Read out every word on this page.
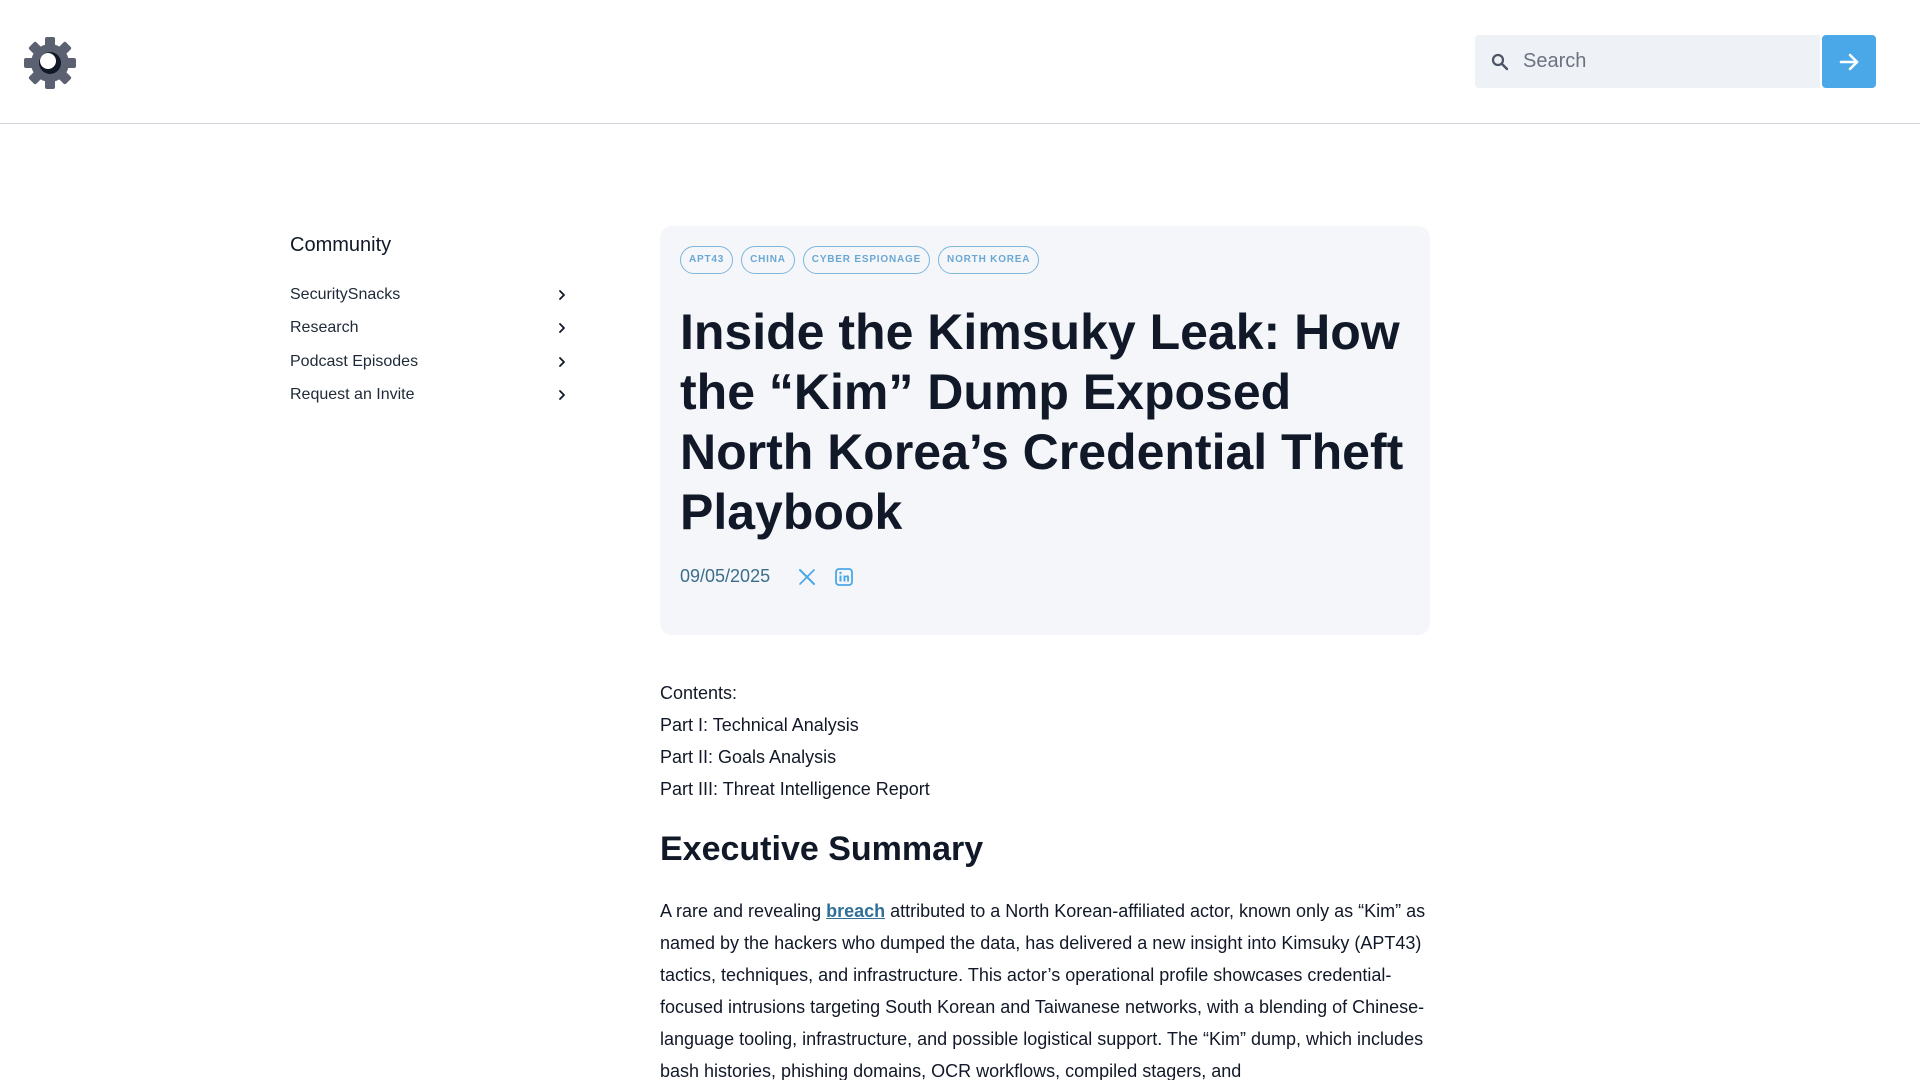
Search
Community
SecuritySnacks
Research
Podcast Episodes
Request an Invite
APT43	CHINA	CYBER ESPIONAGE	NORTH KOREA
Inside the Kimsuky Leak: How the “Kim” Dump Exposed North Korea’s Credential Theft Playbook
09/05/2025
Contents:
Part I: Technical Analysis
Part II: Goals Analysis
Part III: Threat Intelligence Report
Executive Summary

A rare and revealing breach attributed to a North Korean-affiliated actor, known only as “Kim” as named by the hackers who dumped the data, has delivered a new insight into Kimsuky (APT43) tactics, techniques, and infrastructure. This actor’s operational profile showcases credential-focused intrusions targeting South Korean and Taiwanese networks, with a blending of Chinese-language tooling, infrastructure, and possible logistical support. The “Kim” dump, which includes bash histories, phishing domains, OCR workflows, compiled stagers, and
